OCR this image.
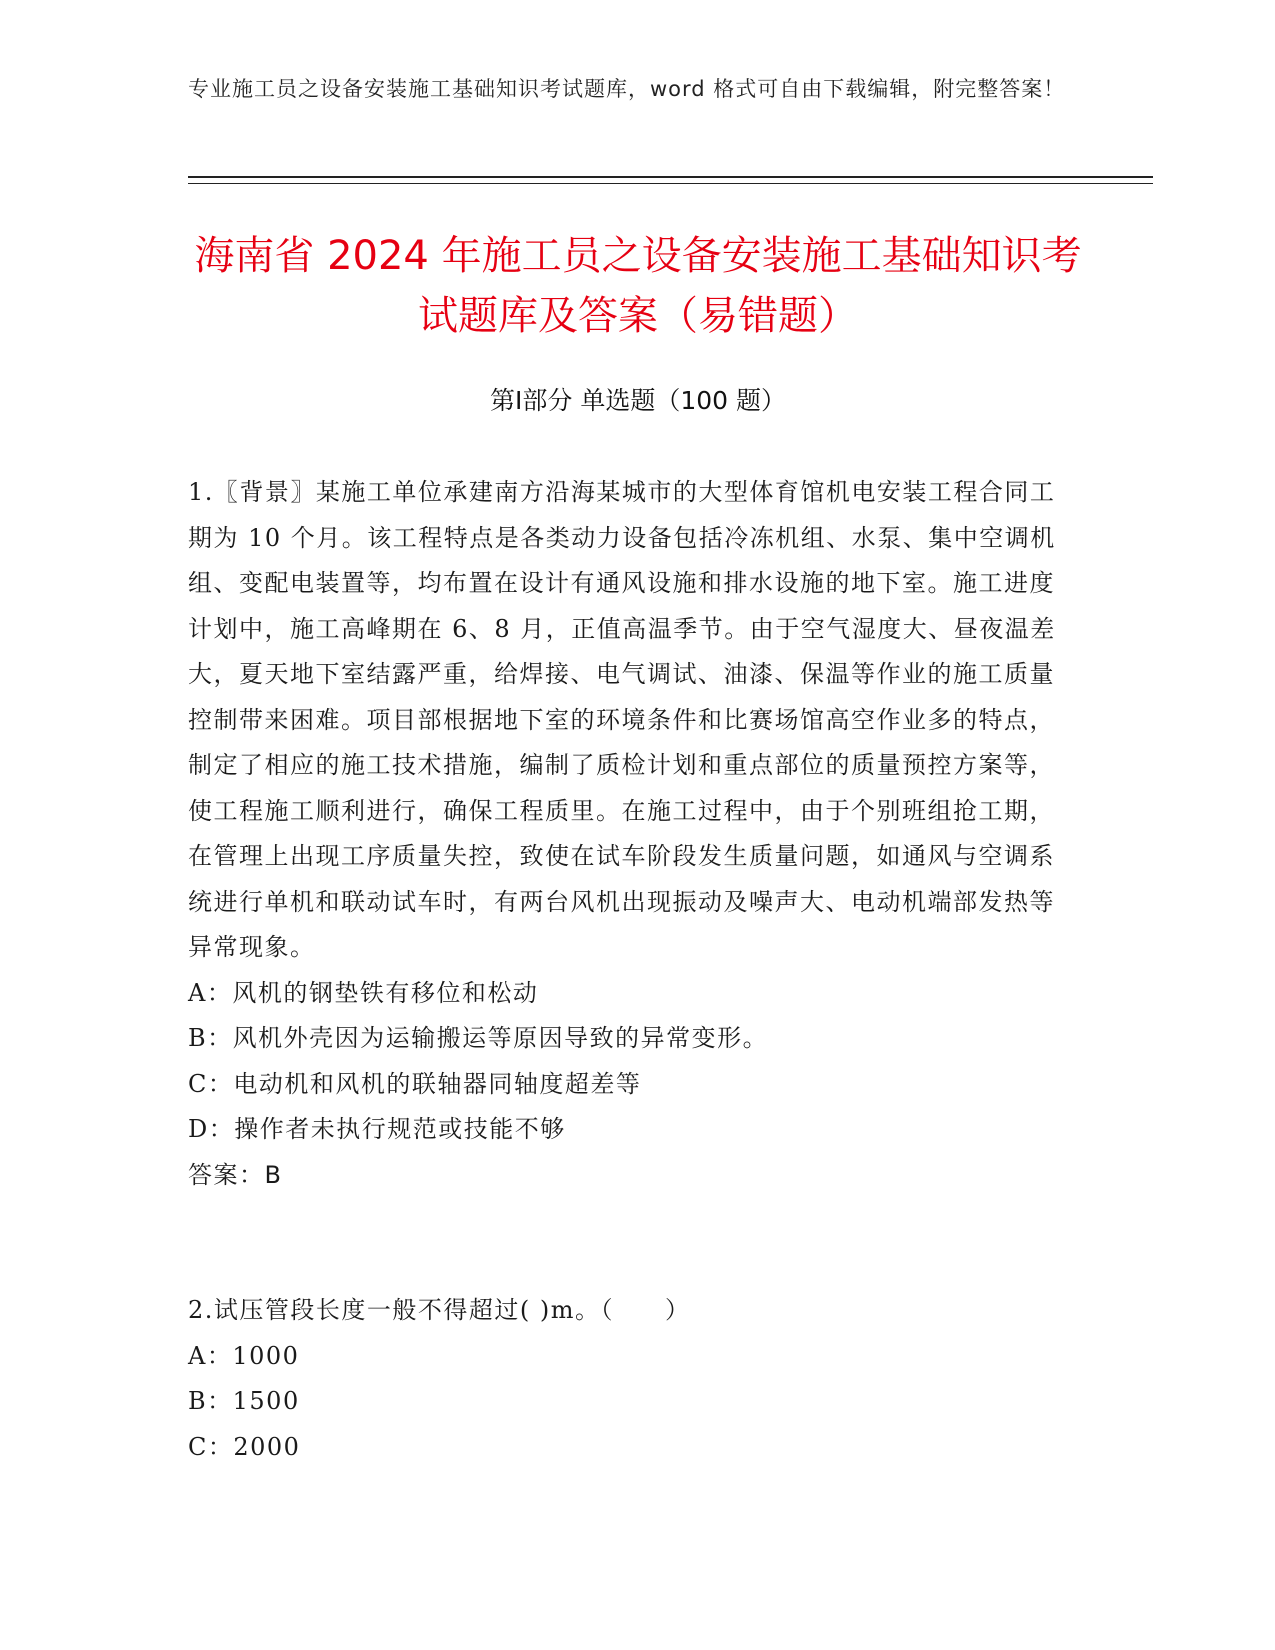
专业施工员之设备安装施工基础知识考试题库，word 格式可自由下载编辑，附完整答案！
海南省 2024 年施工员之设备安装施工基础知识考试题库及答案（易错题）
第Ⅰ部分 单选题（100 题）

1.〖背景〗某施工单位承建南方沿海某城市的大型体育馆机电安装工程合同工期为 10 个月。该工程特点是各类动力设备包括冷冻机组、水泵、集中空调机组、变配电装置等，均布置在设计有通风设施和排水设施的地下室。施工进度计划中，施工高峰期在 6、8 月，正值高温季节。由于空气湿度大、昼夜温差大，夏天地下室结露严重，给焊接、电气调试、油漆、保温等作业的施工质量控制带来困难。项目部根据地下室的环境条件和比赛场馆高空作业多的特点，制定了相应的施工技术措施，编制了质检计划和重点部位的质量预控方案等，使工程施工顺利进行，确保工程质里。在施工过程中，由于个别班组抢工期，在管理上出现工序质量失控，致使在试车阶段发生质量问题，如通风与空调系统进行单机和联动试车时，有两台风机出现振动及噪声大、电动机端部发热等异常现象。

A：风机的钢垫铁有移位和松动
B：风机外壳因为运输搬运等原因导致的异常变形。
C：电动机和风机的联轴器同轴度超差等
D：操作者未执行规范或技能不够

答案：B

2.试压管段长度一般不得超过( )m。（　　）

A：1000
B：1500
C：2000
